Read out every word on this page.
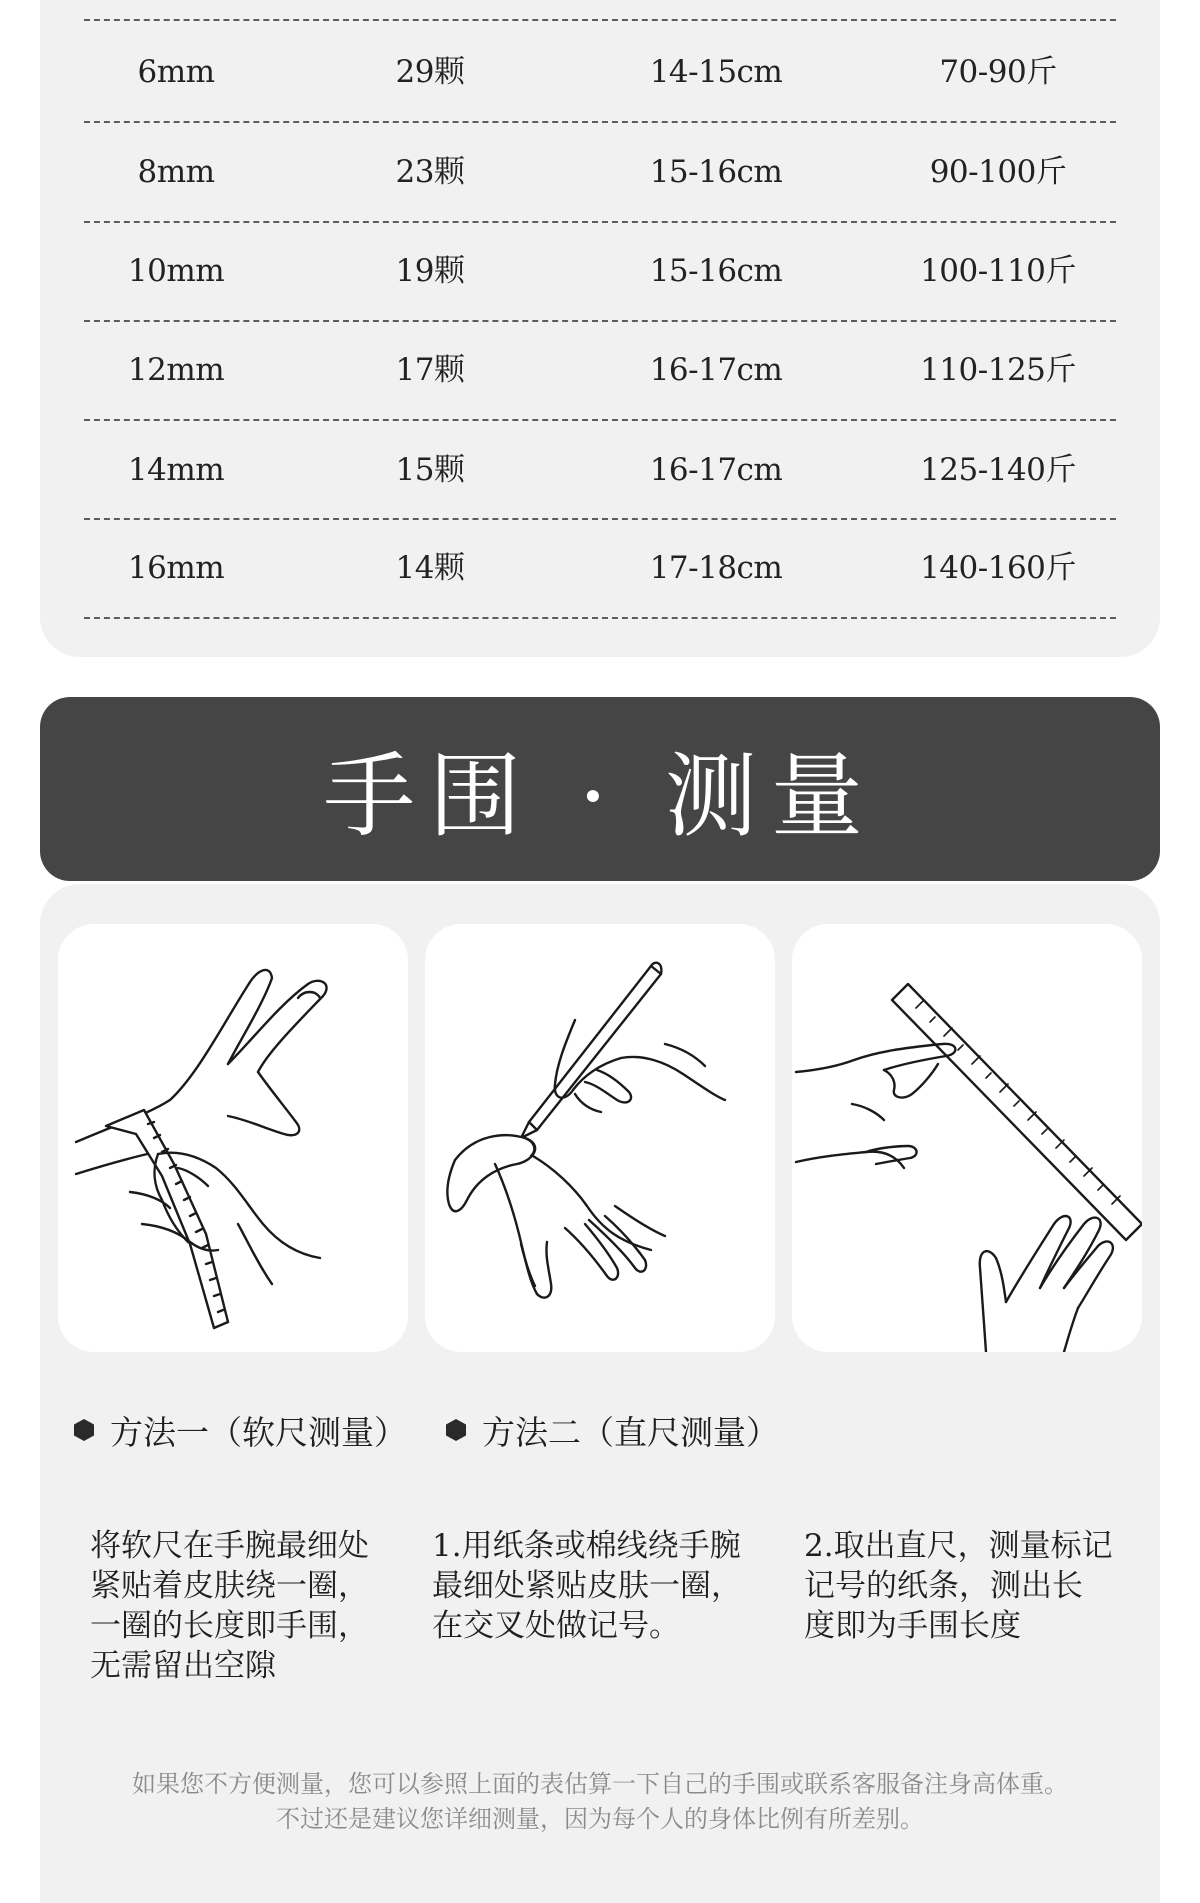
6mm	29颗	14-15cm	70-90斤
8mm	23颗	15-16cm	90-100斤
10mm	19颗	15-16cm	100-110斤
12mm	17颗	16-17cm	110-125斤
14mm	15颗	16-17cm	125-140斤
16mm	14颗	17-18cm	140-160斤
手围 · 测量
方法一（软尺测量） 方法二（直尺测量）
将软尺在手腕最细处
紧贴着皮肤绕一圈，
一圈的长度即手围，
无需留出空隙
1.用纸条或棉线绕手腕
最细处紧贴皮肤一圈，
在交叉处做记号。
2.取出直尺，测量标记
记号的纸条，测出长
度即为手围长度
如果您不方便测量，您可以参照上面的表估算一下自己的手围或联系客服备注身高体重。
不过还是建议您详细测量，因为每个人的身体比例有所差别。
